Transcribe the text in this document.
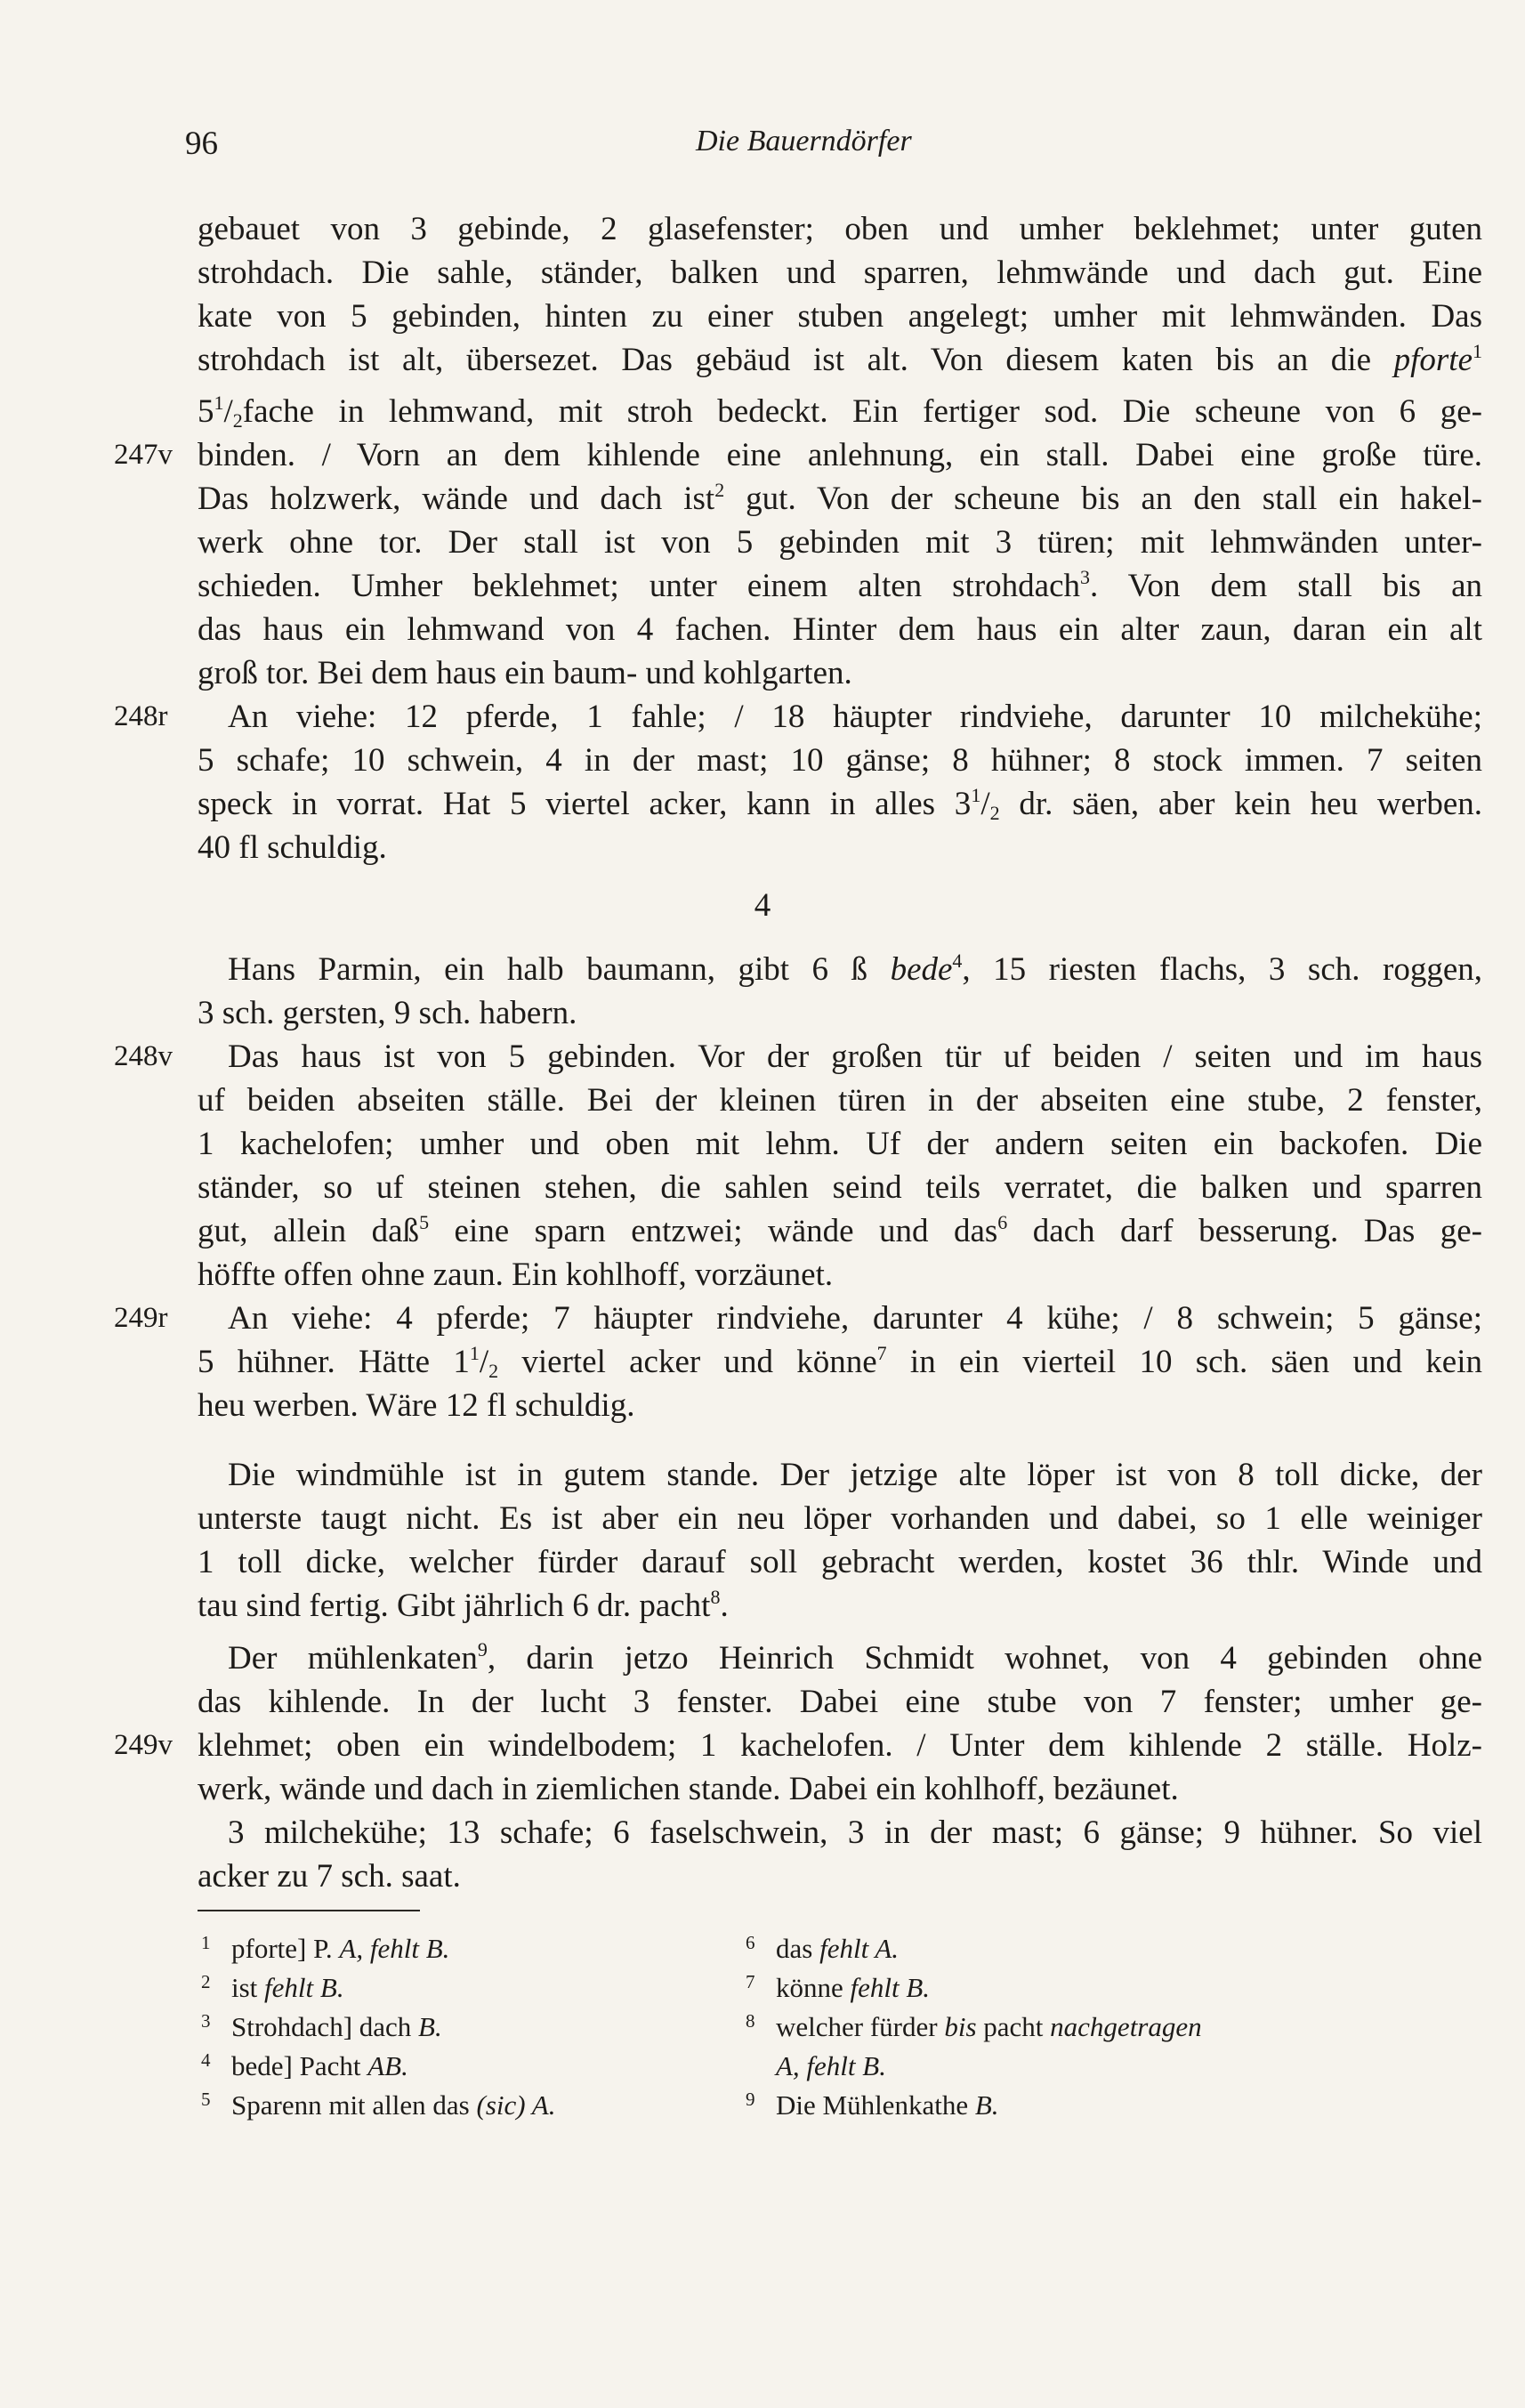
96	Die Bauerndörfer
247v
248r
248v
249r
249v
gebauet von 3 gebinde, 2 glasefenster; oben und umher beklehmet; unter guten
strohdach. Die sahle, ständer, balken und sparren, lehmwände und dach gut. Eine
kate von 5 gebinden, hinten zu einer stuben angelegt; umher mit lehmwänden. Das
strohdach ist alt, übersezet. Das gebäud ist alt. Von diesem katen bis an die pforte$^1$
$5^1/_2fache$ in lehmwand, mit stroh bedeckt. Ein fertiger sod. Die scheune von 6 ge-
binden. / Vorn an dem kihlende eine anlehnung, ein stall. Dabei eine große türe.
Das holzwerk, wände und dach ist$^2$ gut. Von der scheune bis an den stall ein hakel-
werk ohne tor. Der stall ist von 5 gebinden mit 3 türen; mit lehmwänden unter-
schieden. Umher beklehmet; unter einem alten strohdach$^3$. Von dem stall bis an
das haus ein lehmwand von 4 fachen. Hinter dem haus ein alter zaun, daran ein alt
groß tor. Bei dem haus ein baum- und kohlgarten.
An viehe: 12 pferde, 1 fahle; / 18 häupter rindviehe, darunter 10 milchekühe;
5 schafe; 10 schwein, 4 in der mast; 10 gänse; 8 hühner; 8 stock immen. 7 seiten
speck in vorrat. Hat 5 viertel acker, kann in alles $3^1/_2$ dr. säen, aber kein heu werben.
40 fl schuldig.
4
Hans Parmin, ein halb baumann, gibt 6 ß bede$^4$, 15 riesten flachs, 3 sch. roggen,
3 sch. gersten, 9 sch. habern.
Das haus ist von 5 gebinden. Vor der großen tür uf beiden / seiten und im haus
uf beiden abseiten ställe. Bei der kleinen türen in der abseiten eine stube, 2 fenster,
1 kachelofen; umher und oben mit lehm. Uf der andern seiten ein backofen. Die
ständer, so uf steinen stehen, die sahlen seind teils verratet, die balken und sparren
gut, allein daß$^5$ eine sparn entzwei; wände und das$^6$ dach darf besserung. Das ge-
höffte offen ohne zaun. Ein kohlhoff, vorzäunet.
An viehe: 4 pferde; 7 häupter rindviehe, darunter 4 kühe; / 8 schwein; 5 gänse;
5 hühner. Hätte $1^1/_2$ viertel acker und könne$^7$ in ein vierteil 10 sch. säen und kein
heu werben. Wäre 12 fl schuldig.
Die windmühle ist in gutem stande. Der jetzige alte löper ist von 8 toll dicke, der
unterste taugt nicht. Es ist aber ein neu löper vorhanden und dabei, so 1 elle weiniger
1 toll dicke, welcher fürder darauf soll gebracht werden, kostet 36 thlr. Winde und
tau sind fertig. Gibt jährlich 6 dr. pacht$^8$.
Der mühlenkaten$^9$, darin jetzo Heinrich Schmidt wohnet, von 4 gebinden ohne
das kihlende. In der lucht 3 fenster. Dabei eine stube von 7 fenster; umher ge-
klehmet; oben ein windelbodem; 1 kachelofen. / Unter dem kihlende 2 ställe. Holz-
werk, wände und dach in ziemlichen stande. Dabei ein kohlhoff, bezäunet.
3 milchekühe; 13 schafe; 6 faselschwein, 3 in der mast; 6 gänse; 9 hühner. So viel
acker zu 7 sch. saat.
1 pforte] P. A, fehlt B.
2 ist fehlt B.
3 Strohdach] dach B.
4 bede] Pacht AB.
5 Sparenn mit allen das (sic) A.
6 das fehlt A.
7 könne fehlt B.
8 welcher fürder bis pacht nachgetragen
A, fehlt B.
9 Die Mühlenkathe B.
